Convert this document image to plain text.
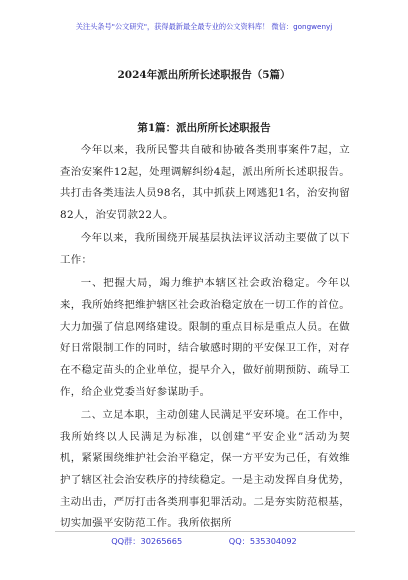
关注头条号"公文研究"，获得最新最全最专业的公文资料库！ 微信：gongwenyj
2024年派出所所长述职报告（5篇）
第1篇：派出所所长述职报告

今年以来，我所民警共自破和协破各类刑事案件7起，立查治安案件12起，处理调解纠纷4起，派出所所长述职报告。共打击各类违法人员98名，其中抓获上网逃犯1名，治安拘留82人，治安罚款22人。

今年以来，我所围绕开展基层执法评议活动主要做了以下工作：

一、把握大局，竭力维护本辖区社会政治稳定。今年以来，我所始终把维护辖区社会政治稳定放在一切工作的首位。大力加强了信息网络建设。限制的重点目标是重点人员。在做好日常限制工作的同时，结合敏感时期的平安保卫工作，对存在不稳定苗头的企业单位，提早介入，做好前期预防、疏导工作，给企业党委当好参谋助手。

二、立足本职，主动创建人民满足平安环境。在工作中，我所始终以人民满足为标准，以创建“平安企业”活动为契机，紧紧围绕维护社会治平稳定，保一方平安为己任，有效维护了辖区社会治安秩序的持续稳定。一是主动发挥自身优势，主动出击，严厉打击各类刑事犯罪活动。二是夯实防范根基，切实加强平安防范工作。我所依据所

QQ群：30265665	QQ：535304092
